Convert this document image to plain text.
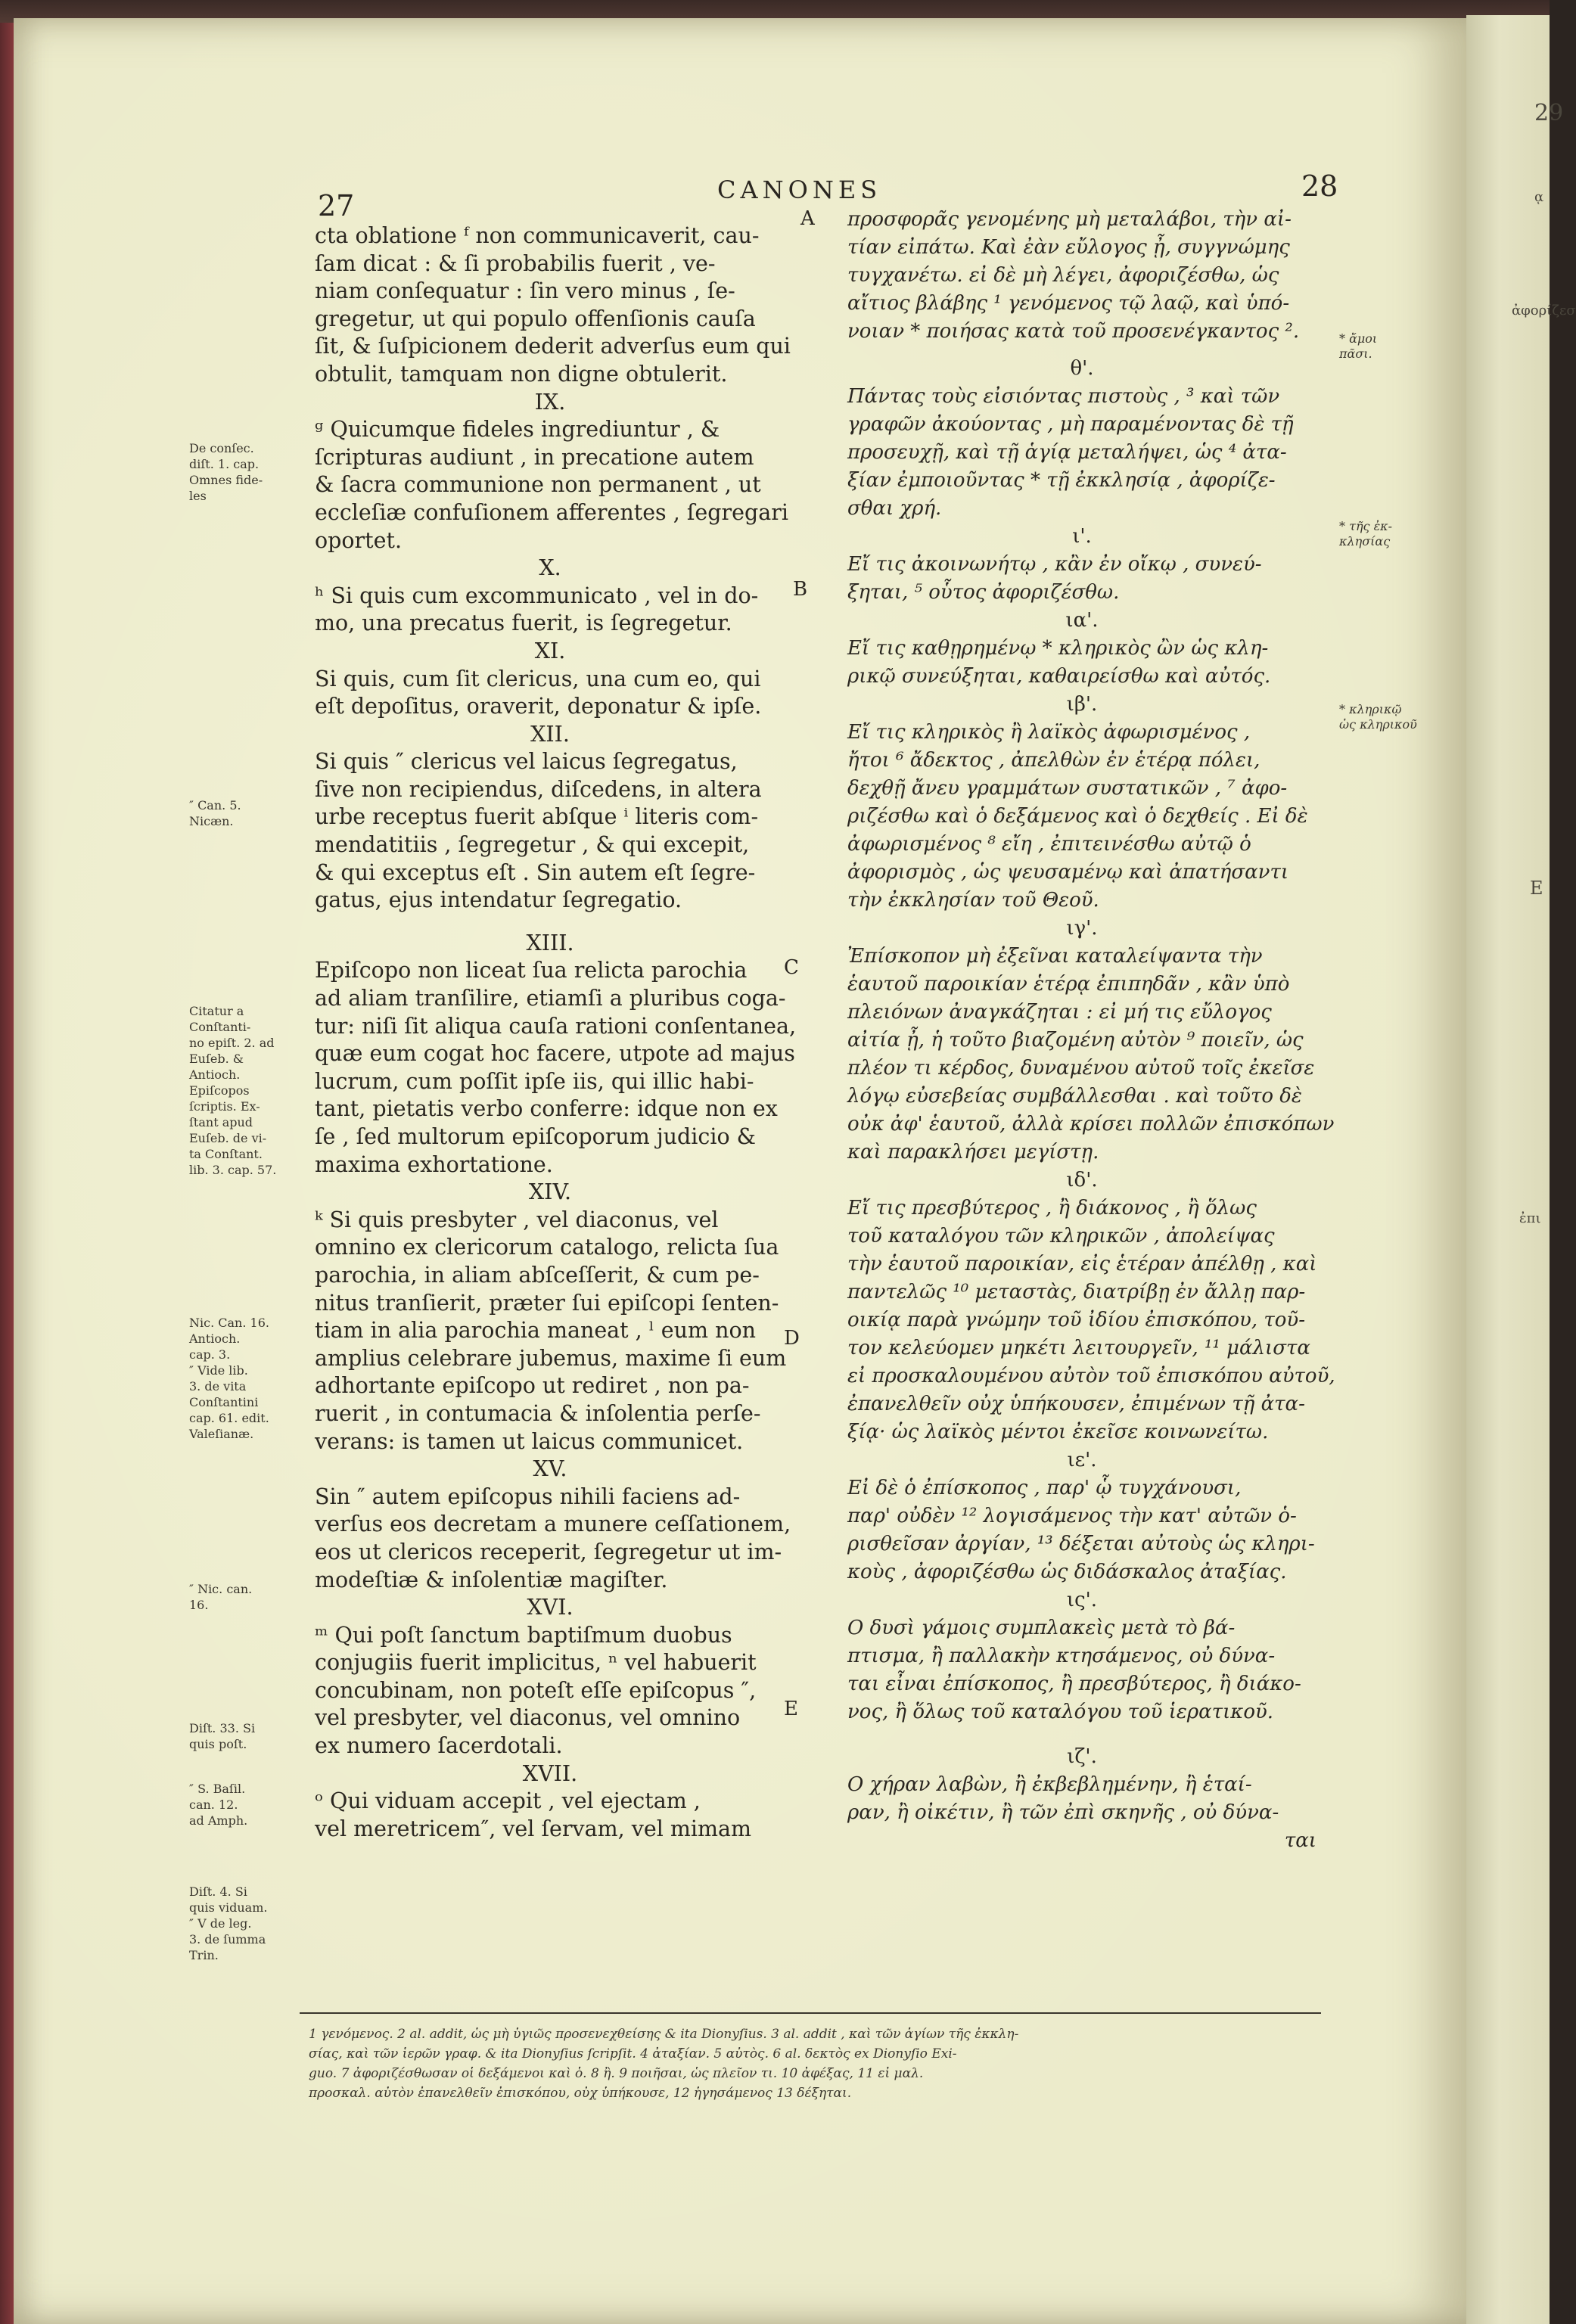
29
ᾳ
ἀφορίζεσ
E
ἐπι
27	CANONES	28
cta oblatione ᶠ non communicaverit, cau-
ſam dicat : & ſi probabilis fuerit , ve-
niam conſequatur : ſin vero minus , ſe-
gregetur, ut qui populo offenſionis cauſa
ſit, & ſuſpicionem dederit adverſus eum qui
obtulit, tamquam non digne obtulerit.
IX.
ᵍ Quicumque fideles ingrediuntur , &
ſcripturas audiunt , in precatione autem
& ſacra communione non permanent , ut
eccleſiæ confuſionem afferentes , ſegregari
oportet.
X.
ʰ Si quis cum excommunicato , vel in do-
mo, una precatus fuerit, is ſegregetur.
XI.
Si quis, cum ſit clericus, una cum eo, qui
eſt depoſitus, oraverit, deponatur & ipſe.
XII.
Si quis ″ clericus vel laicus ſegregatus,
ſive non recipiendus, diſcedens, in altera
urbe receptus fuerit abſque ⁱ literis com-
mendatitiis , ſegregetur , & qui excepit,
& qui exceptus eſt . Sin autem eſt ſegre-
gatus, ejus intendatur ſegregatio.
XIII.
Epiſcopo non liceat ſua relicta parochia
ad aliam tranſilire, etiamſi a pluribus cogа-
tur: niſi ſit aliqua cauſa rationi conſentanea,
quæ eum cogat hoc facere, utpote ad majus
lucrum, cum poſſit ipſe iis, qui illic habi-
tant, pietatis verbo conferre: idque non ex
ſe , ſed multorum epiſcoporum judicio &
maxima exhortatione.
XIV.
ᵏ Si quis presbyter , vel diaconus, vel
omnino ex clericorum catalogo, relicta ſua
parochia, in aliam abſceſſerit, & cum pe-
nitus tranſierit, præter ſui epiſcopi ſenten-
tiam in alia parochia maneat , ˡ eum non
amplius celebrare jubemus, maxime ſi eum
adhortante epiſcopo ut rediret , non pa-
ruerit , in contumacia & inſolentia perſe-
verans: is tamen ut laicus communicet.
XV.
Sin ″ autem epiſcopus nihili faciens ad-
verſus eos decretam a munere ceſſationem,
eos ut clericos receperit, ſegregetur ut im-
modeſtiæ & inſolentiæ magiſter.
XVI.
ᵐ Qui poſt ſanctum baptiſmum duobus
conjugiis fuerit implicitus, ⁿ vel habuerit
concubinam, non poteſt eſſe epiſcopus ″,
vel presbyter, vel diaconus, vel omnino
ex numero ſacerdotali.
XVII.
ᵒ Qui viduam accepit , vel ejectam ,
vel meretricem″, vel ſervam, vel mimam
A
B
C
D
E
προσφορᾶς γενομένης μὴ μεταλάβοι, τὴν αἰ-
τίαν εἰπάτω. Καὶ ἐὰν εὔλογος ᾖ, συγγνώμης
τυγχανέτω. εἰ δὲ μὴ λέγει, ἀφοριζέσθω, ὡς
αἴτιος βλάβης ¹ γενόμενος τῷ λαῷ, καὶ ὑπό-
νοιαν * ποιήσας κατὰ τοῦ προσενέγκαντος ².
θ'.
Πάντας τοὺς εἰσιόντας πιστοὺς , ³ καὶ τῶν
γραφῶν ἀκούοντας , μὴ παραμένοντας δὲ τῇ
προσευχῇ, καὶ τῇ ἁγίᾳ μεταλήψει, ὡς ⁴ ἀτα-
ξίαν ἐμποιοῦντας * τῇ ἐκκλησίᾳ , ἀφορίζε-
σθαι χρή.
ι'.
Εἴ τις ἀκοινωνήτῳ , κἂν ἐν οἴκῳ , συνεύ-
ξηται, ⁵ οὗτος ἀφοριζέσθω.
ια'.
Εἴ τις καθῃρημένῳ * κληρικὸς ὢν ὡς κλη-
ρικῷ συνεύξηται, καθαιρείσθω καὶ αὐτός.
ιβ'.
Εἴ τις κληρικὸς ἢ λαϊκὸς ἀφωρισμένος ,
ἤτοι ⁶ ἄδεκτος , ἀπελθὼν ἐν ἑτέρᾳ πόλει,
δεχθῇ ἄνευ γραμμάτων συστατικῶν , ⁷ ἀφο-
ριζέσθω καὶ ὁ δεξάμενος καὶ ὁ δεχθείς . Εἰ δὲ
ἀφωρισμένος ⁸ εἴη , ἐπιτεινέσθω αὐτῷ ὁ
ἀφορισμὸς , ὡς ψευσαμένῳ καὶ ἀπατήσαντι
τὴν ἐκκλησίαν τοῦ Θεοῦ.
ιγ'.
Ἐπίσκοπον μὴ ἐξεῖναι καταλείψαντα τὴν
ἑαυτοῦ παροικίαν ἑτέρᾳ ἐπιπηδᾶν , κἂν ὑπὸ
πλειόνων ἀναγκάζηται : εἰ μή τις εὔλογος
αἰτία ᾖ, ἡ τοῦτο βιαζομένη αὐτὸν ⁹ ποιεῖν, ὡς
πλέον τι κέρδος, δυναμένου αὐτοῦ τοῖς ἐκεῖσε
λόγῳ εὐσεβείας συμβάλλεσθαι . καὶ τοῦτο δὲ
οὐκ ἀφ' ἑαυτοῦ, ἀλλὰ κρίσει πολλῶν ἐπισκόπων
καὶ παρακλήσει μεγίστῃ.
ιδ'.
Εἴ τις πρεσβύτερος , ἢ διάκονος , ἢ ὅλως
τοῦ καταλόγου τῶν κληρικῶν , ἀπολείψας
τὴν ἑαυτοῦ παροικίαν, εἰς ἑτέραν ἀπέλθῃ , καὶ
παντελῶς ¹⁰ μεταστὰς, διατρίβῃ ἐν ἄλλῃ παρ-
οικίᾳ παρὰ γνώμην τοῦ ἰδίου ἐπισκόπου, τοῦ-
τον κελεύομεν μηκέτι λειτουργεῖν, ¹¹ μάλιστα
εἰ προσκαλουμένου αὐτὸν τοῦ ἐπισκόπου αὐτοῦ,
ἐπανελθεῖν οὐχ ὑπήκουσεν, ἐπιμένων τῇ ἀτα-
ξίᾳ· ὡς λαϊκὸς μέντοι ἐκεῖσε κοινωνείτω.
ιε'.
Εἰ δὲ ὁ ἐπίσκοπος , παρ' ᾧ τυγχάνουσι,
παρ' οὐδὲν ¹² λογισάμενος τὴν κατ' αὐτῶν ὁ-
ρισθεῖσαν ἀργίαν, ¹³ δέξεται αὐτοὺς ὡς κληρι-
κοὺς , ἀφοριζέσθω ὡς διδάσκαλος ἀταξίας.
ις'.
Ο δυσὶ γάμοις συμπλακεὶς μετὰ τὸ βά-
πτισμα, ἢ παλλακὴν κτησάμενος, οὐ δύνα-
ται εἶναι ἐπίσκοπος, ἢ πρεσβύτερος, ἢ διάκο-
νος, ἢ ὅλως τοῦ καταλόγου τοῦ ἱερατικοῦ.
ιζ'.
Ο χήραν λαβὼν, ἢ ἐκβεβλημένην, ἢ ἑταί-
ραν, ἢ οἰκέτιν, ἢ τῶν ἐπὶ σκηνῆς , οὐ δύνα-
ται
De conſec.
diſt. 1. cap.
Omnes fide-
les
″ Can. 5.
Nicæn.
Citatur a
Conſtanti-
no epiſt. 2. ad
Euſeb. &
Antioch.
Epiſcopos
ſcriptis. Ex-
ſtant apud
Euſeb. de vi-
ta Conſtant.
lib. 3. cap. 57.
Nic. Can. 16.
Antioch.
cap. 3.
″ Vide lib.
3. de vita
Conſtantini
cap. 61. edit.
Valeſianæ.
″ Nic. can.
16.
Diſt. 33. Si
quis poſt.
″ S. Baſil.
can. 12.
ad Amph.
Diſt. 4. Si
quis viduam.
″ V de leg.
3. de ſumma
Trin.
* ἄμοι
πᾶσι.
* τῆς ἐκ-
κλησίας
* κληρικῷ
ὡς κληρικοῦ
1 γενόμενος. 2 al. addit, ὡς μὴ ὑγιῶς προσενεχθείσης & ita Dionyſius. 3 al. addit , καὶ τῶν ἁγίων τῆς ἐκκλη-
σίας, καὶ τῶν ἱερῶν γραφ. & ita Dionyſius ſcripſit. 4 ἀταξίαν. 5 αὐτὸς. 6 al. δεκτὸς ex Dionyſio Exi-
guo. 7 ἀφοριζέσθωσαν οἱ δεξάμενοι καὶ ὁ. 8 ἢ. 9 ποιῆσαι, ὡς πλεῖον τι. 10 ἀφέξας, 11 εἰ μαλ.
προσκαλ. αὐτὸν ἐπανελθεῖν ἐπισκόπου, οὐχ ὑπήκουσε, 12 ἡγησάμενος 13 δέξηται.
